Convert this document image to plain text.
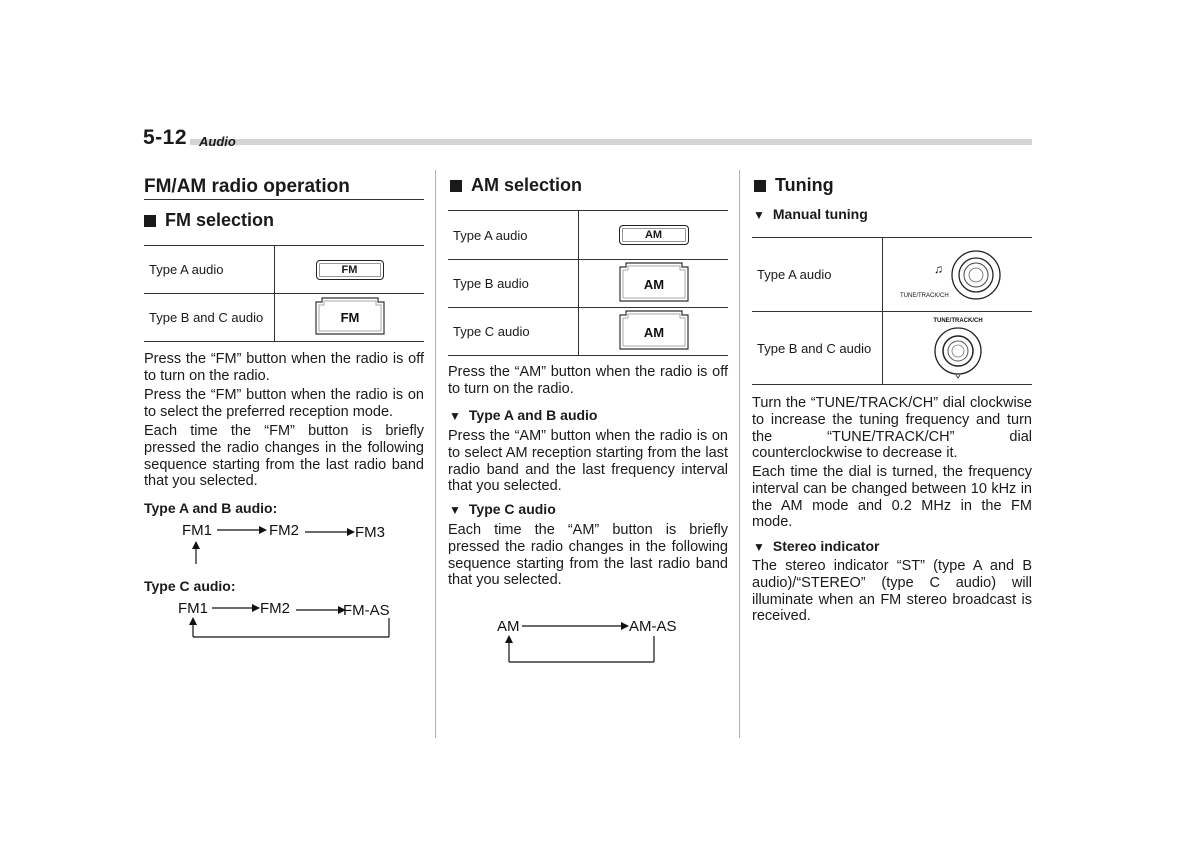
5-12 Audio
FM/AM radio operation
FM selection
Type A audio	FM
Type B and C audio	FM
Press the “FM” button when the radio is off to turn on the radio.
Press the “FM” button when the radio is on to select the preferred reception mode.
Each time the “FM” button is briefly pressed the radio changes in the following sequence starting from the last radio band that you selected.
Type A and B audio:
FM1	FM2	FM3
Type C audio:
FM1	FM2	FM-AS
AM selection
Type A audio	AM
Type B audio	AM

Type C audio	AM
Press the “AM” button when the radio is off to turn on the radio.
▼ Type A and B audio
Press the “AM” button when the radio is on to select AM reception starting from the last radio band and the last frequency interval that you selected.
▼ Type C audio
Each time the “AM” button is briefly pressed the radio changes in the following sequence starting from the last radio band that you selected.
AM	AM-AS
Tuning
▼ Manual tuning
Type A audio	♫
TUNE/TRACK/CH

Type B and C audio	TUNE/TRACK/CH
Turn the “TUNE/TRACK/CH” dial clockwise to increase the tuning frequency and turn the “TUNE/TRACK/CH” dial counterclockwise to decrease it.
Each time the dial is turned, the frequency interval can be changed between 10 kHz in the AM mode and 0.2 MHz in the FM mode.
▼ Stereo indicator
The stereo indicator “ST” (type A and B audio)/“STEREO” (type C audio) will illuminate when an FM stereo broadcast is received.
